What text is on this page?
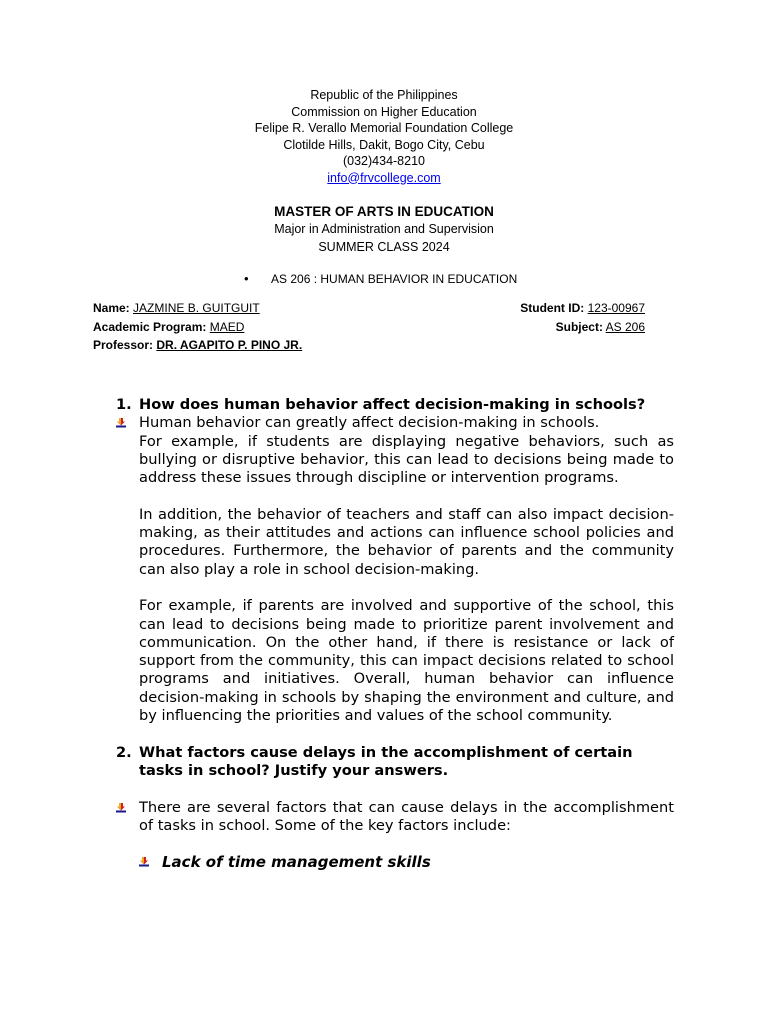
Republic of the Philippines
Commission on Higher Education
Felipe R. Verallo Memorial Foundation College
Clotilde Hills, Dakit, Bogo City, Cebu
(032)434-8210
info@frvcollege.com
MASTER OF ARTS IN EDUCATION
Major in Administration and Supervision
SUMMER CLASS 2024
• AS 206 : HUMAN BEHAVIOR IN EDUCATION
Name: JAZMINE B. GUITGUIT
Academic Program: MAED
Professor: DR. AGAPITO P. PINO JR.
Student ID: 123-00967
Subject: AS 206
1. How does human behavior affect decision-making in schools?
Human behavior can greatly affect decision-making in schools.
For example, if students are displaying negative behaviors, such as bullying or disruptive behavior, this can lead to decisions being made to address these issues through discipline or intervention programs.
In addition, the behavior of teachers and staff can also impact decision-making, as their attitudes and actions can influence school policies and procedures. Furthermore, the behavior of parents and the community can also play a role in school decision-making.
For example, if parents are involved and supportive of the school, this can lead to decisions being made to prioritize parent involvement and communication. On the other hand, if there is resistance or lack of support from the community, this can impact decisions related to school programs and initiatives. Overall, human behavior can influence decision-making in schools by shaping the environment and culture, and by influencing the priorities and values of the school community.
2. What factors cause delays in the accomplishment of certain tasks in school? Justify your answers.
There are several factors that can cause delays in the accomplishment of tasks in school. Some of the key factors include:
Lack of time management skills
